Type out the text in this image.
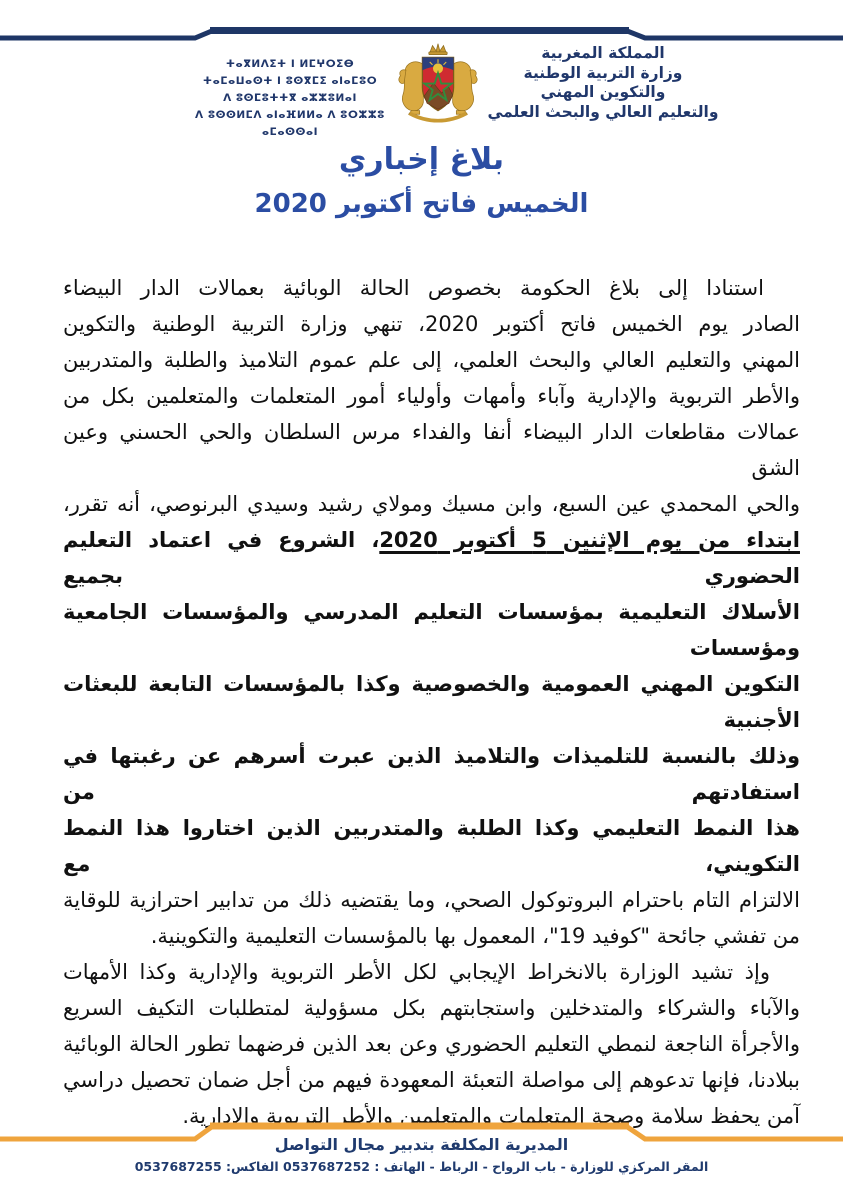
ⵜⴰⴳⵍⴷⵉⵜ ⵏ ⵍⵎⵖⵔⵉⴱ
ⵜⴰⵎⴰⵡⴰⵙⵜ ⵏ ⵓⵙⴳⵎⵉ ⴰⵏⴰⵎⵓⵔ
ⴷ ⵓⵙⵎⵓⵜⵜⴳ ⴰⵣⵣⵓⵍⴰⵏ
ⴷ ⵓⵙⵙⵍⵎⴷ ⴰⵏⴰⴼⵍⵍⴰ ⴷ ⵓⵔⵣⵣⵓ ⴰⵎⴰⵙⵙⴰⵏ
المملكة المغربية
وزارة التربية الوطنية
والتكوين المهني
والتعليم العالي والبحث العلمي
بلاغ إخباري
الخميس فاتح أكتوبر 2020
استنادا إلى بلاغ الحكومة بخصوص الحالة الوبائية بعمالات الدار البيضاء
الصادر يوم الخميس فاتح أكتوبر 2020، تنهي وزارة التربية الوطنية والتكوين
المهني والتعليم العالي والبحث العلمي، إلى علم عموم التلاميذ والطلبة والمتدربين
والأطر التربوية والإدارية وآباء وأمهات وأولياء أمور المتعلمات والمتعلمين بكل من
عمالات مقاطعات الدار البيضاء أنفا والفداء مرس السلطان والحي الحسني وعين الشق
والحي المحمدي عين السبع، وابن مسيك ومولاي رشيد وسيدي البرنوصي، أنه تقرر،
ابتداء من يوم الإثنين 5 أكتوبر 2020، الشروع في اعتماد التعليم الحضوري بجميع
الأسلاك التعليمية بمؤسسات التعليم المدرسي والمؤسسات الجامعية ومؤسسات
التكوين المهني العمومية والخصوصية وكذا بالمؤسسات التابعة للبعثات الأجنبية
وذلك بالنسبة للتلميذات والتلاميذ الذين عبرت أسرهم عن رغبتها في استفادتهم من
هذا النمط التعليمي وكذا الطلبة والمتدربين الذين اختاروا هذا النمط التكويني، مع
الالتزام التام باحترام البروتوكول الصحي، وما يقتضيه ذلك من تدابير احترازية للوقاية
من تفشي جائحة "كوفيد 19"، المعمول بها بالمؤسسات التعليمية والتكوينية.
وإذ تشيد الوزارة بالانخراط الإيجابي لكل الأطر التربوية والإدارية وكذا الأمهات
والآباء والشركاء والمتدخلين واستجابتهم بكل مسؤولية لمتطلبات التكيف السريع
والأجرأة الناجعة لنمطي التعليم الحضوري وعن بعد الذين فرضهما تطور الحالة الوبائية
ببلادنا، فإنها تدعوهم إلى مواصلة التعبئة المعهودة فيهم من أجل ضمان تحصيل دراسي
آمن يحفظ سلامة وصحة المتعلمات والمتعلمين والأطر التربوية والإدارية.
المديرية المكلفة بتدبير مجال التواصل
المقر المركزي للوزارة - باب الرواح - الرباط - الهاتف : 0537687252 الفاكس: 0537687255
